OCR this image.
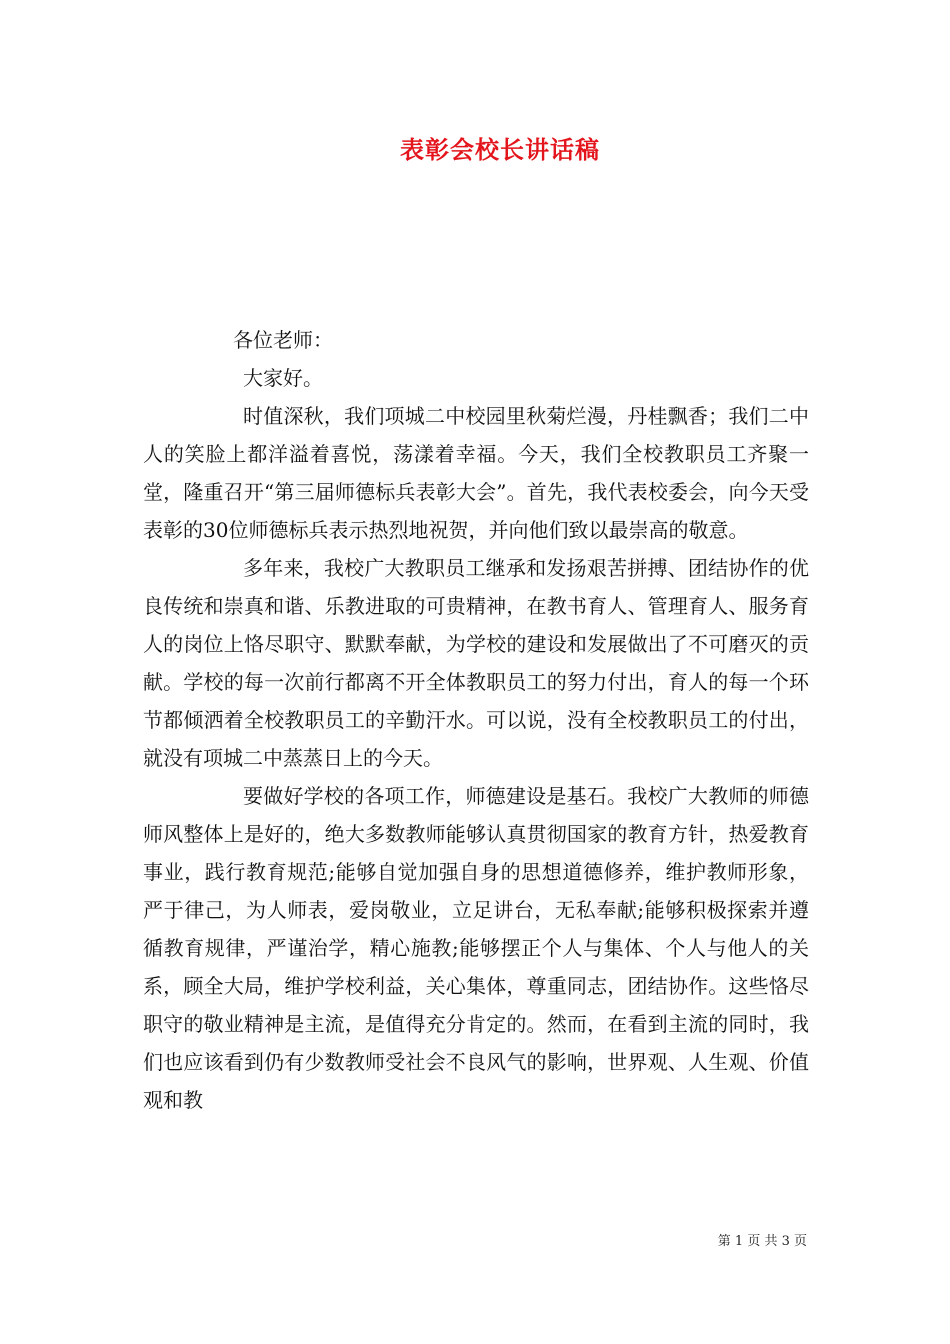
表彰会校长讲话稿

各位老师：

大家好。

时值深秋，我们项城二中校园里秋菊烂漫，丹桂飘香；我们二中人的笑脸上都洋溢着喜悦，荡漾着幸福。今天，我们全校教职员工齐聚一堂，隆重召开“第三届师德标兵表彰大会”。首先，我代表校委会，向今天受表彰的30位师德标兵表示热烈地祝贺，并向他们致以最崇高的敬意。

多年来，我校广大教职员工继承和发扬艰苦拼搏、团结协作的优良传统和崇真和谐、乐教进取的可贵精神，在教书育人、管理育人、服务育人的岗位上恪尽职守、默默奉献，为学校的建设和发展做出了不可磨灭的贡献。学校的每一次前行都离不开全体教职员工的努力付出，育人的每一个环节都倾洒着全校教职员工的辛勤汗水。可以说，没有全校教职员工的付出，就没有项城二中蒸蒸日上的今天。

要做好学校的各项工作，师德建设是基石。我校广大教师的师德师风整体上是好的，绝大多数教师能够认真贯彻国家的教育方针，热爱教育事业，践行教育规范;能够自觉加强自身的思想道德修养，维护教师形象，严于律己，为人师表，爱岗敬业，立足讲台，无私奉献;能够积极探索并遵循教育规律，严谨治学，精心施教;能够摆正个人与集体、个人与他人的关系，顾全大局，维护学校利益，关心集体，尊重同志，团结协作。这些恪尽职守的敬业精神是主流，是值得充分肯定的。然而，在看到主流的同时，我们也应该看到仍有少数教师受社会不良风气的影响，世界观、人生观、价值观和教

第 1 页 共 3 页
